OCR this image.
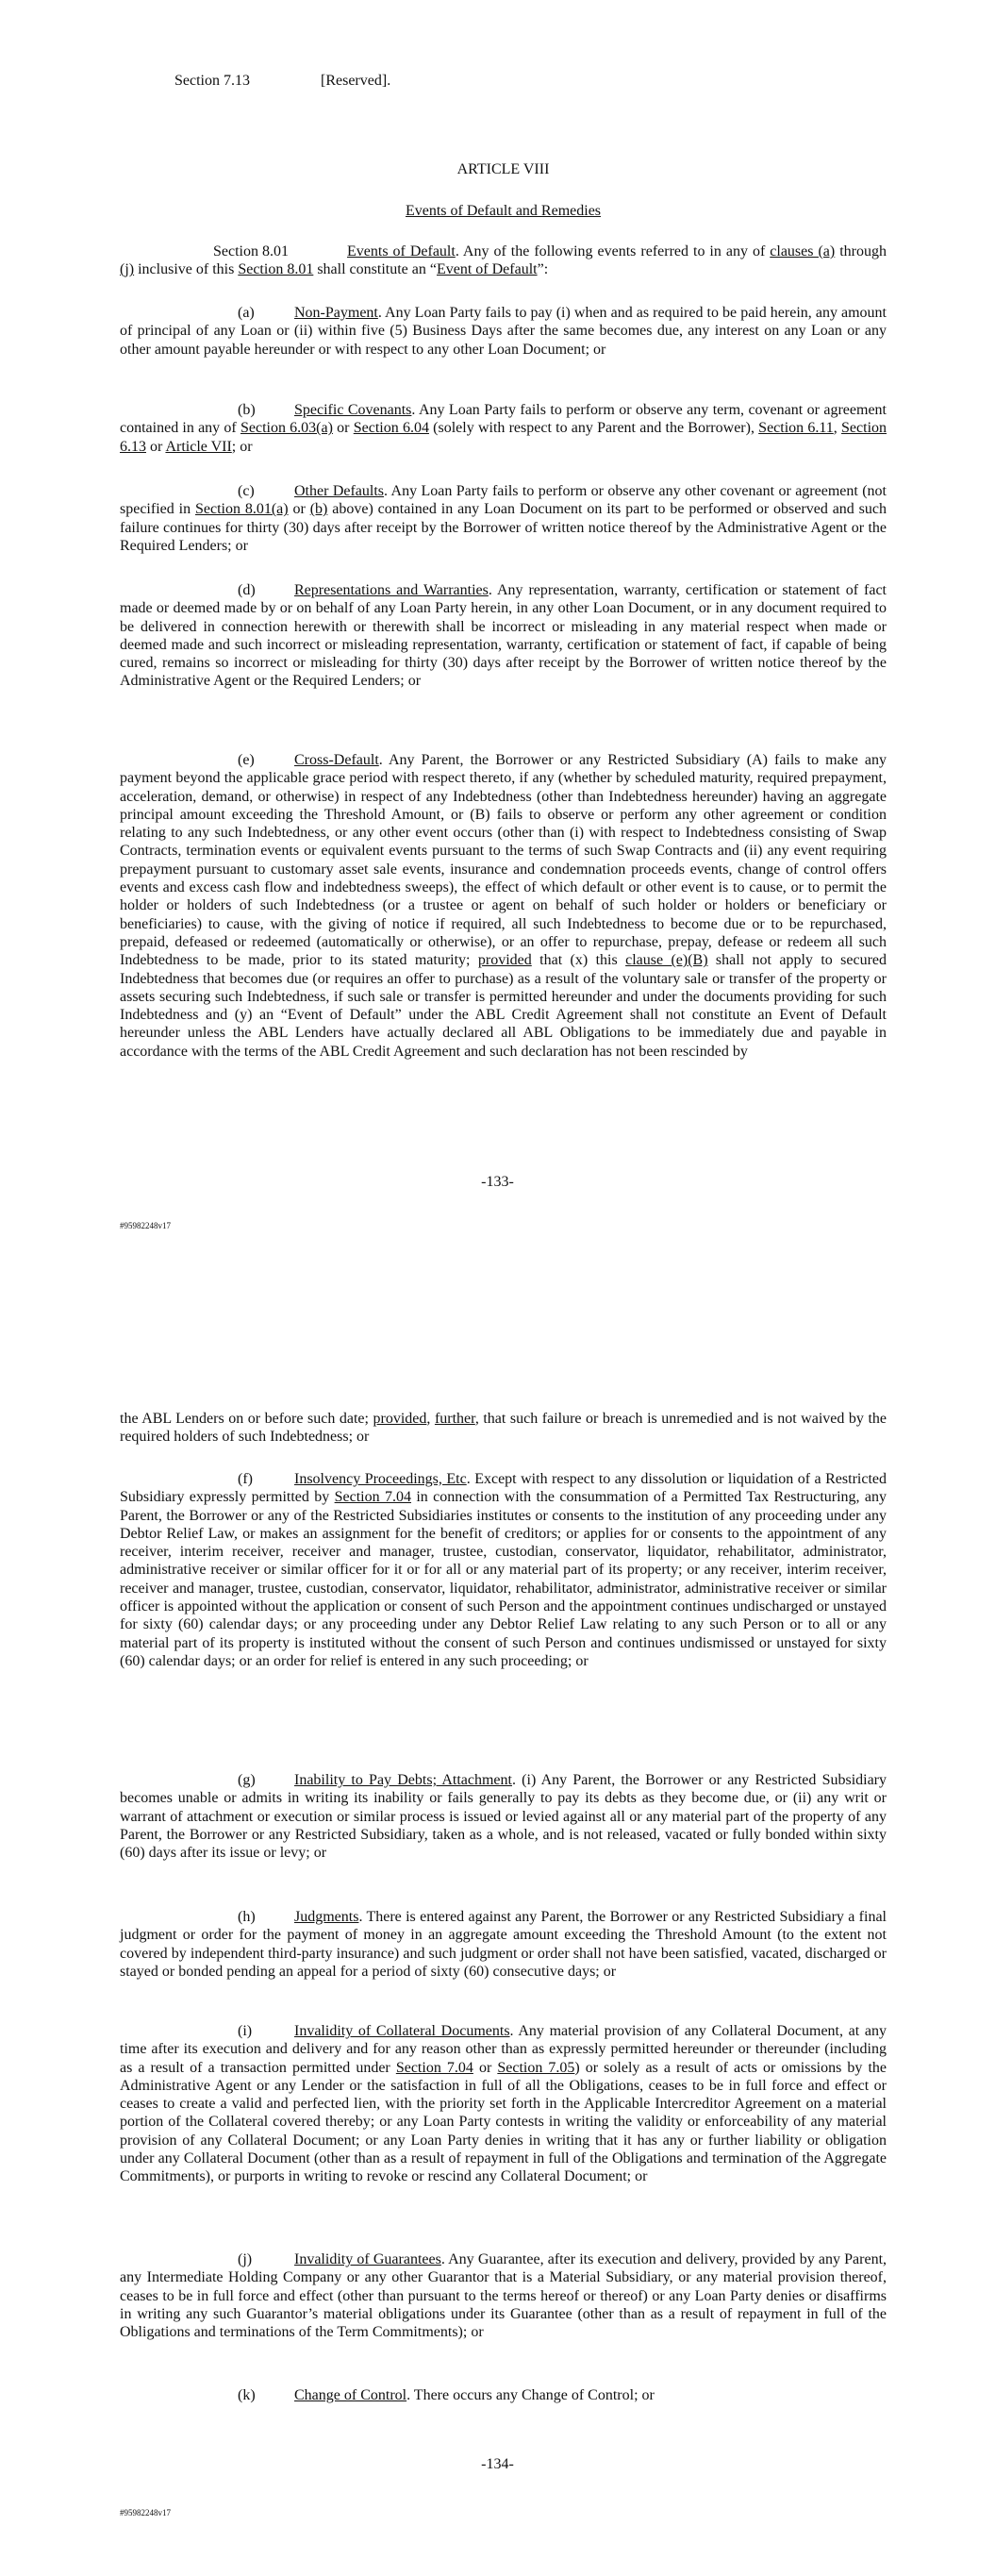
Section 7.13	[Reserved].
ARTICLE VIII
Events of Default and Remedies

Section 8.01	Events of Default. Any of the following events referred to in any of clauses (a) through (j) inclusive of this Section 8.01 shall constitute an “Event of Default”:

(a)	Non-Payment. Any Loan Party fails to pay (i) when and as required to be paid herein, any amount of principal of any Loan or (ii) within five (5) Business Days after the same becomes due, any interest on any Loan or any other amount payable hereunder or with respect to any other Loan Document; or

(b)	Specific Covenants. Any Loan Party fails to perform or observe any term, covenant or agreement contained in any of Section 6.03(a) or Section 6.04 (solely with respect to any Parent and the Borrower), Section 6.11, Section 6.13 or Article VII; or

(c)	Other Defaults. Any Loan Party fails to perform or observe any other covenant or agreement (not specified in Section 8.01(a) or (b) above) contained in any Loan Document on its part to be performed or observed and such failure continues for thirty (30) days after receipt by the Borrower of written notice thereof by the Administrative Agent or the Required Lenders; or

(d)	Representations and Warranties. Any representation, warranty, certification or statement of fact made or deemed made by or on behalf of any Loan Party herein, in any other Loan Document, or in any document required to be delivered in connection herewith or therewith shall be incorrect or misleading in any material respect when made or deemed made and such incorrect or misleading representation, warranty, certification or statement of fact, if capable of being cured, remains so incorrect or misleading for thirty (30) days after receipt by the Borrower of written notice thereof by the Administrative Agent or the Required Lenders; or

(e)	Cross-Default. Any Parent, the Borrower or any Restricted Subsidiary (A) fails to make any payment beyond the applicable grace period with respect thereto, if any (whether by scheduled maturity, required prepayment, acceleration, demand, or otherwise) in respect of any Indebtedness (other than Indebtedness hereunder) having an aggregate principal amount exceeding the Threshold Amount, or (B) fails to observe or perform any other agreement or condition relating to any such Indebtedness, or any other event occurs (other than (i) with respect to Indebtedness consisting of Swap Contracts, termination events or equivalent events pursuant to the terms of such Swap Contracts and (ii) any event requiring prepayment pursuant to customary asset sale events, insurance and condemnation proceeds events, change of control offers events and excess cash flow and indebtedness sweeps), the effect of which default or other event is to cause, or to permit the holder or holders of such Indebtedness (or a trustee or agent on behalf of such holder or holders or beneficiary or beneficiaries) to cause, with the giving of notice if required, all such Indebtedness to become due or to be repurchased, prepaid, defeased or redeemed (automatically or otherwise), or an offer to repurchase, prepay, defease or redeem all such Indebtedness to be made, prior to its stated maturity; provided that (x) this clause (e)(B) shall not apply to secured Indebtedness that becomes due (or requires an offer to purchase) as a result of the voluntary sale or transfer of the property or assets securing such Indebtedness, if such sale or transfer is permitted hereunder and under the documents providing for such Indebtedness and (y) an “Event of Default” under the ABL Credit Agreement shall not constitute an Event of Default hereunder unless the ABL Lenders have actually declared all ABL Obligations to be immediately due and payable in accordance with the terms of the ABL Credit Agreement and such declaration has not been rescinded by

-133-
#95982248v17

the ABL Lenders on or before such date; provided, further, that such failure or breach is unremedied and is not waived by the required holders of such Indebtedness; or

(f)	Insolvency Proceedings, Etc. Except with respect to any dissolution or liquidation of a Restricted Subsidiary expressly permitted by Section 7.04 in connection with the consummation of a Permitted Tax Restructuring, any Parent, the Borrower or any of the Restricted Subsidiaries institutes or consents to the institution of any proceeding under any Debtor Relief Law, or makes an assignment for the benefit of creditors; or applies for or consents to the appointment of any receiver, interim receiver, receiver and manager, trustee, custodian, conservator, liquidator, rehabilitator, administrator, administrative receiver or similar officer for it or for all or any material part of its property; or any receiver, interim receiver, receiver and manager, trustee, custodian, conservator, liquidator, rehabilitator, administrator, administrative receiver or similar officer is appointed without the application or consent of such Person and the appointment continues undischarged or unstayed for sixty (60) calendar days; or any proceeding under any Debtor Relief Law relating to any such Person or to all or any material part of its property is instituted without the consent of such Person and continues undismissed or unstayed for sixty (60) calendar days; or an order for relief is entered in any such proceeding; or

(g)	Inability to Pay Debts; Attachment. (i) Any Parent, the Borrower or any Restricted Subsidiary becomes unable or admits in writing its inability or fails generally to pay its debts as they become due, or (ii) any writ or warrant of attachment or execution or similar process is issued or levied against all or any material part of the property of any Parent, the Borrower or any Restricted Subsidiary, taken as a whole, and is not released, vacated or fully bonded within sixty (60) days after its issue or levy; or

(h)	Judgments. There is entered against any Parent, the Borrower or any Restricted Subsidiary a final judgment or order for the payment of money in an aggregate amount exceeding the Threshold Amount (to the extent not covered by independent third-party insurance) and such judgment or order shall not have been satisfied, vacated, discharged or stayed or bonded pending an appeal for a period of sixty (60) consecutive days; or

(i)	Invalidity of Collateral Documents. Any material provision of any Collateral Document, at any time after its execution and delivery and for any reason other than as expressly permitted hereunder or thereunder (including as a result of a transaction permitted under Section 7.04 or Section 7.05) or solely as a result of acts or omissions by the Administrative Agent or any Lender or the satisfaction in full of all the Obligations, ceases to be in full force and effect or ceases to create a valid and perfected lien, with the priority set forth in the Applicable Intercreditor Agreement on a material portion of the Collateral covered thereby; or any Loan Party contests in writing the validity or enforceability of any material provision of any Collateral Document; or any Loan Party denies in writing that it has any or further liability or obligation under any Collateral Document (other than as a result of repayment in full of the Obligations and termination of the Aggregate Commitments), or purports in writing to revoke or rescind any Collateral Document; or

(j)	Invalidity of Guarantees. Any Guarantee, after its execution and delivery, provided by any Parent, any Intermediate Holding Company or any other Guarantor that is a Material Subsidiary, or any material provision thereof, ceases to be in full force and effect (other than pursuant to the terms hereof or thereof) or any Loan Party denies or disaffirms in writing any such Guarantor’s material obligations under its Guarantee (other than as a result of repayment in full of the Obligations and terminations of the Term Commitments); or

(k)	Change of Control. There occurs any Change of Control; or

-134-
#95982248v17
